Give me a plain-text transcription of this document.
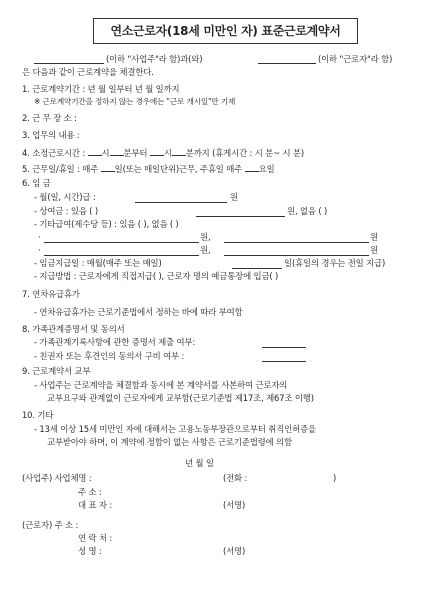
연소근로자(18세 미만인 자) 표준근로계약서
(이하 "사업주"라 함)과(와)	(이하 "근로자"라 함)
은 다음과 같이 근로계약을 체결한다.
1. 근로계약기간 : 년 월 일부터 년 월 일까지
※ 근로계약기간을 정하지 않는 경우에는 "근로 개시일"만 기재
2. 근 무 장 소 :
3. 업무의 내용 :
4. 소정근로시간 : 시 분부터 시 분까지 (휴게시간 : 시 분~ 시 분)
5. 근무일/휴일 : 매주 일(또는 매일단위)근무, 주휴일 매주 요일
6. 임 금
- 월(일, 시간)급 :	원
- 상여금 : 있음 ( )	원, 없음 ( )
- 기타급여(제수당 등) : 있음 ( ), 없음 ( )
·	원,	원
·	원,	원
- 임금지급일 : 매월(매주 또는 매일)	일(휴일의 경우는 전일 지급)
- 지급방법 : 근로자에게 직접지급( ), 근로자 명의 예금통장에 입금( )
7. 연차유급휴가
- 연차유급휴가는 근로기준법에서 정하는 바에 따라 부여함
8. 가족관계증명서 및 동의서
- 가족관계기록사항에 관한 증명서 제출 여부:
- 친권자 또는 후견인의 동의서 구비 여부 :
9. 근로계약서 교부
- 사업주는 근로계약을 체결함과 동시에 본 계약서를 사본하여 근로자의
교부요구와 관계없이 근로자에게 교부함(근로기준법 제17조, 제67조 이행)
10. 기타
- 13세 이상 15세 미만인 자에 대해서는 고용노동부장관으로부터 취직인허증을
교부받아야 하며, 이 계약에 정함이 없는 사항은 근로기준법령에 의함
년 월 일
(사업주) 사업체명 :	(전화 :	)
주 소 :
대 표 자 :	(서명)
(근로자) 주 소 :
연 락 처 :
성 명 :	(서명)
